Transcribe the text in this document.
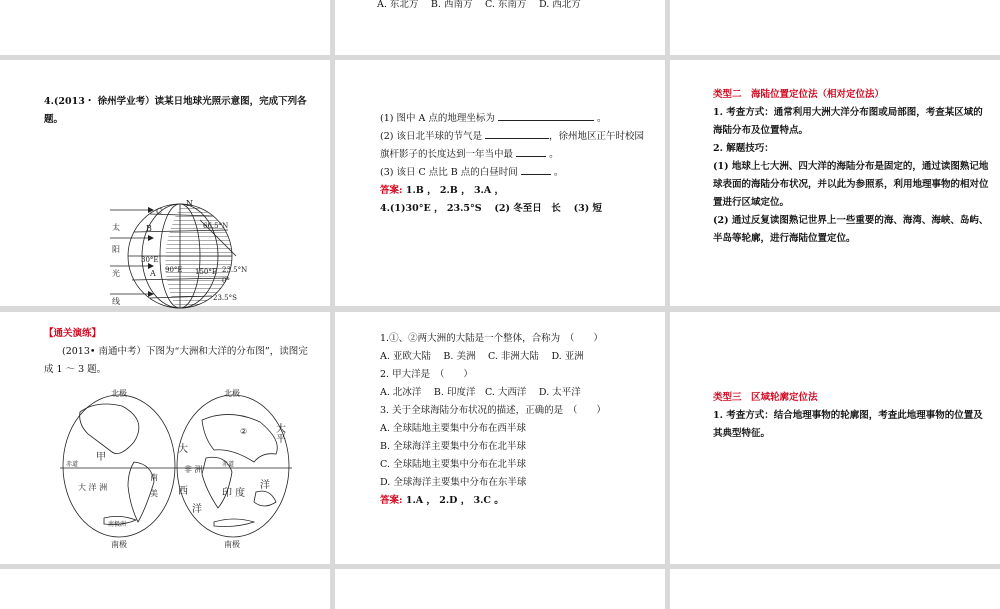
A. 东北方　 B. 西南方　 C. 东南方　 D. 西北方
4.(2013・ 徐州学业考）读某日地球光照示意图，完成下列各题。
太
阳
光
线
N
C
B
A
30°E
90°E 150°E
66.5°N
23.5°N
0°
23.5°S
(1) 图中 A 点的地理坐标为	。
(2) 该日北半球的节气是	，徐州地区正午时校园
旗杆影子的长度达到一年当中最	。
(3) 该日 C 点比 B 点的白昼时间	。
答案: 1.B ， 2.B ， 3.A ，
4.(1)30°E ， 23.5°S　 (2) 冬至日　长　 (3) 短
类型二　海陆位置定位法（相对定位法）
1. 考查方式：通常利用大洲大洋分布图或局部图，考查某区域的海陆分布及位置特点。
2. 解题技巧：
(1) 地球上七大洲、四大洋的海陆分布是固定的，通过读图熟记地球表面的海陆分布状况，并以此为参照系，利用地理事物的相对位置进行区域定位。
(2) 通过反复读图熟记世界上一些重要的海、海湾、海峡、岛屿、半岛等轮廓，进行海陆位置定位。
【通关演练】
(2013• 南通中考）下图为“大洲和大洋的分布图”，读图完成 1 ～ 3 题。
北极	北极
南极	南极
赤道	赤道
甲
大 洋 洲
南
美
南极洲
②
大
非 洲
西
洋
印 度
平
洋
大
1.①、②两大洲的大陆是一个整体，合称为　（　　）
A. 亚欧大陆　 B. 美洲　 C. 非洲大陆　 D. 亚洲
2. 甲大洋是　（　　）
A. 北冰洋　 B. 印度洋　C. 大西洋　 D. 太平洋
3. 关于全球海陆分布状况的描述，正确的是　（　　）
A. 全球陆地主要集中分布在西半球
B. 全球海洋主要集中分布在北半球
C. 全球陆地主要集中分布在北半球
D. 全球海洋主要集中分布在东半球
答案: 1.A ， 2.D ， 3.C 。
类型三　区域轮廓定位法
1. 考查方式：结合地理事物的轮廓图，考查此地理事物的位置及其典型特征。
